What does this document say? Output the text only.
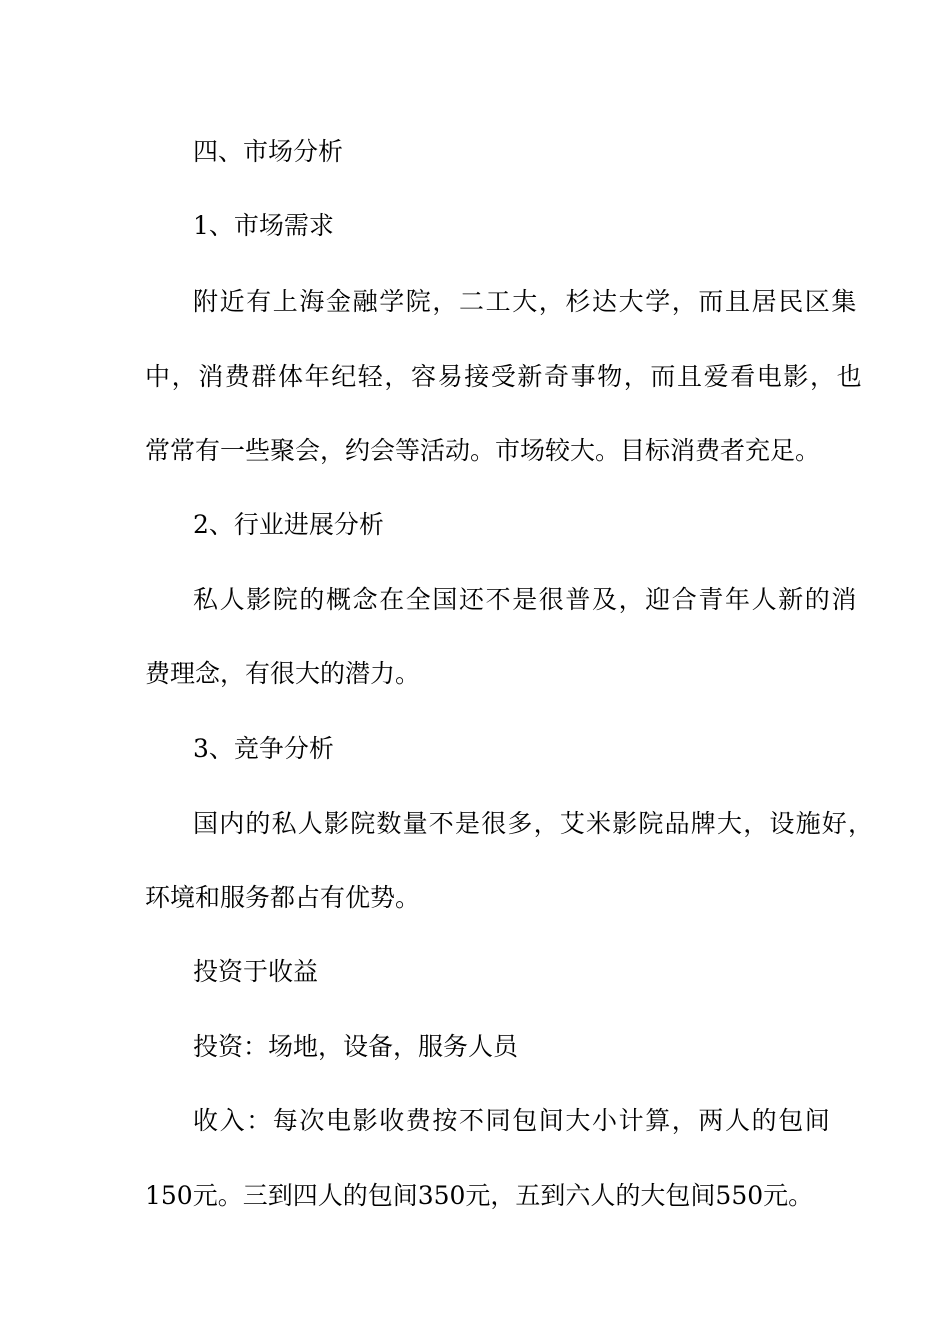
四、市场分析
1、市场需求
附近有上海金融学院，二工大，杉达大学，而且居民区集
中，消费群体年纪轻，容易接受新奇事物，而且爱看电影，也
常常有一些聚会，约会等活动。市场较大。目标消费者充足。
2、行业进展分析
私人影院的概念在全国还不是很普及，迎合青年人新的消
费理念，有很大的潜力。
3、竞争分析
国内的私人影院数量不是很多，艾米影院品牌大，设施好，
环境和服务都占有优势。
投资于收益
投资：场地，设备，服务人员
收入：每次电影收费按不同包间大小计算，两人的包间
150元。三到四人的包间350元，五到六人的大包间550元。
